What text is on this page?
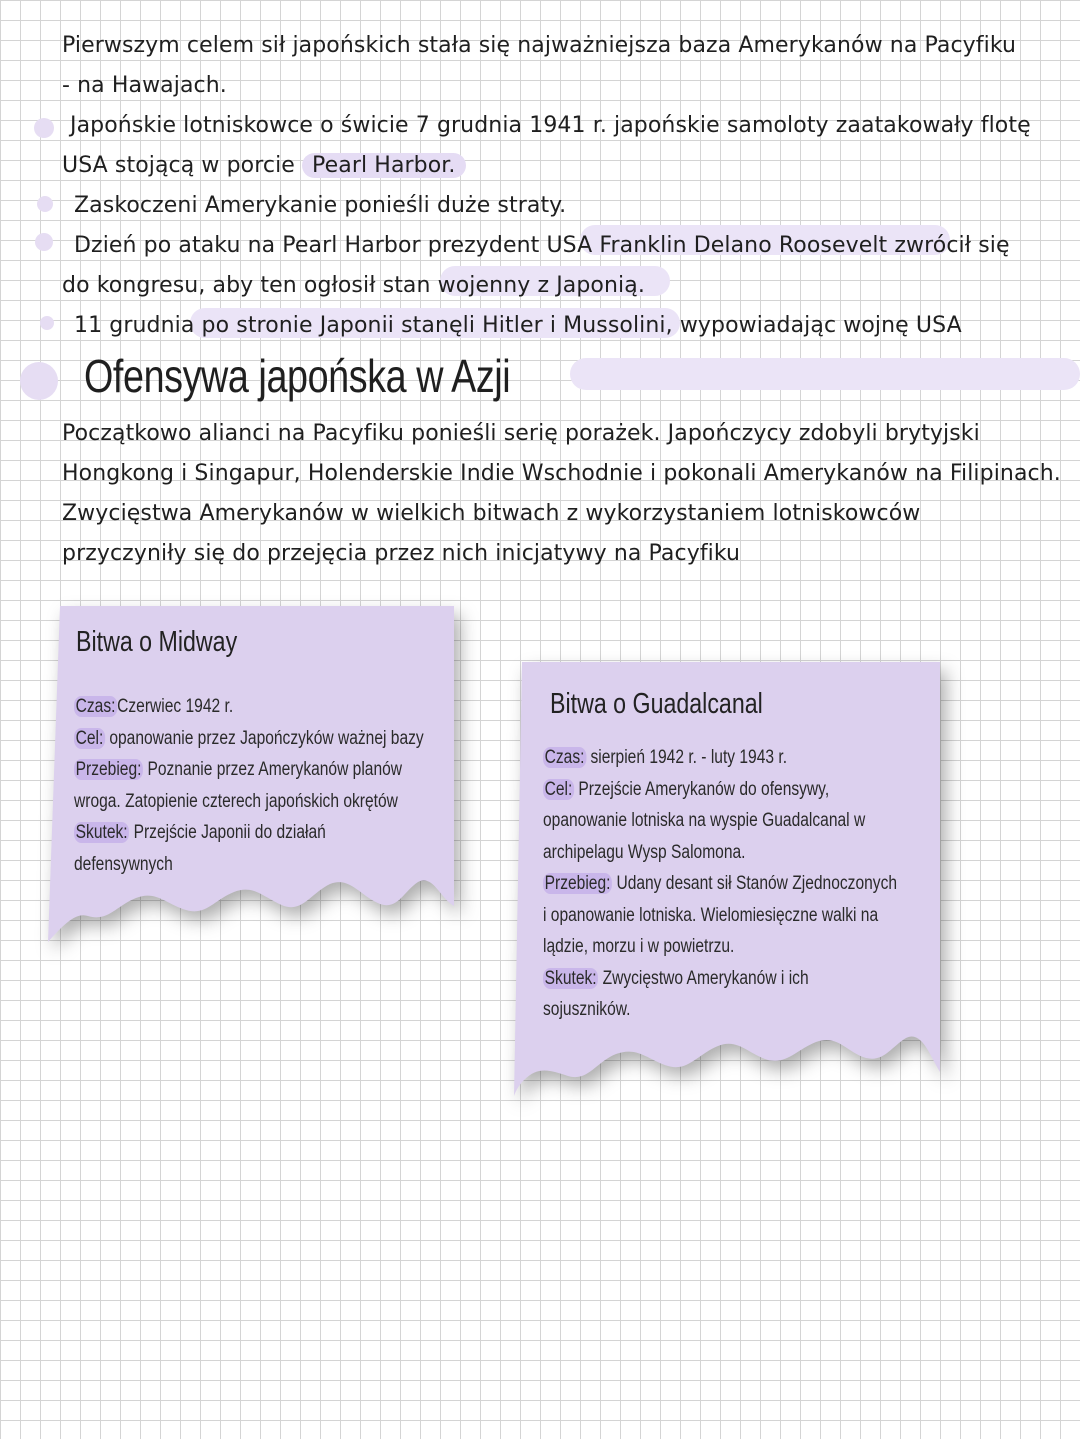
Pierwszym celem sił japońskich stała się najważniejsza baza Amerykanów na Pacyfiku
- na Hawajach.
Japońskie lotniskowce o świcie 7 grudnia 1941 r. japońskie samoloty zaatakowały flotę
USA stojącą w porcie Pearl Harbor.
Zaskoczeni Amerykanie ponieśli duże straty.
Dzień po ataku na Pearl Harbor prezydent USA Franklin Delano Roosevelt zwrócił się
do kongresu, aby ten ogłosił stan wojenny z Japonią.
11 grudnia po stronie Japonii stanęli Hitler i Mussolini, wypowiadając wojnę USA
Ofensywa japońska w Azji
Początkowo alianci na Pacyfiku ponieśli serię porażek. Japończycy zdobyli brytyjski
Hongkong i Singapur, Holenderskie Indie Wschodnie i pokonali Amerykanów na Filipinach.
Zwycięstwa Amerykanów w wielkich bitwach z wykorzystaniem lotniskowców
przyczyniły się do przejęcia przez nich inicjatywy na Pacyfiku
Bitwa o Midway

Czas:Czerwiec 1942 r.

Cel: opanowanie przez Japończyków ważnej bazy

Przebieg: Poznanie przez Amerykanów planów

wroga. Zatopienie czterech japońskich okrętów

Skutek: Przejście Japonii do działań

defensywnych

Bitwa o Guadalcanal

Czas: sierpień 1942 r. - luty 1943 r.

Cel: Przejście Amerykanów do ofensywy,

opanowanie lotniska na wyspie Guadalcanal w

archipelagu Wysp Salomona.

Przebieg: Udany desant sił Stanów Zjednoczonych

i opanowanie lotniska. Wielomiesięczne walki na

lądzie, morzu i w powietrzu.

Skutek: Zwycięstwo Amerykanów i ich

sojuszników.
